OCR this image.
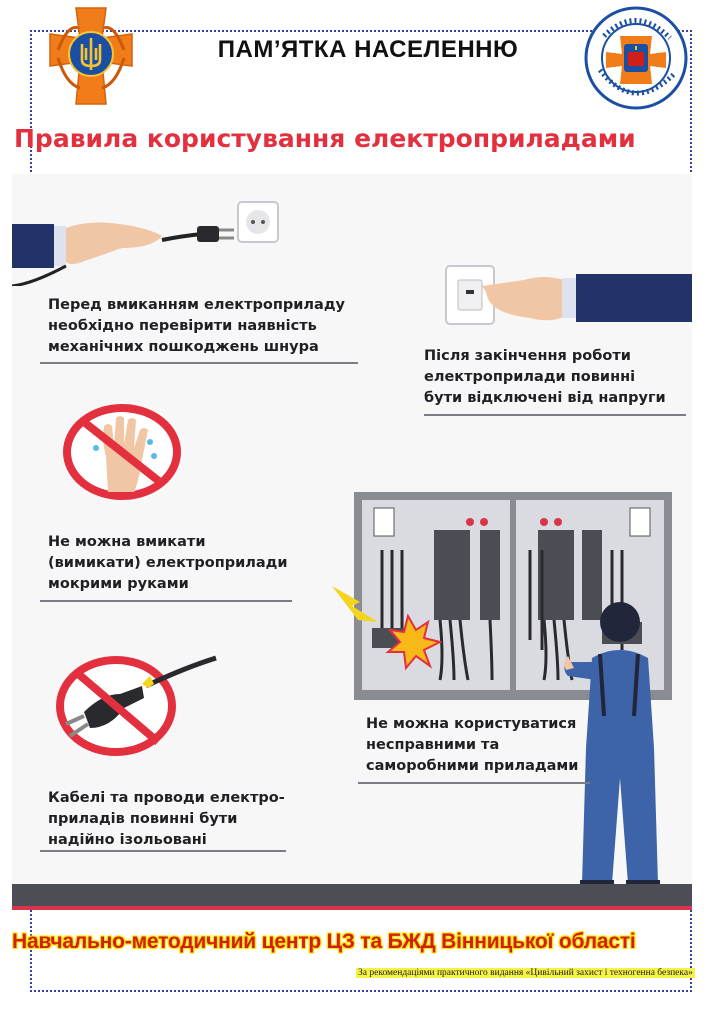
ПАМ’ЯТКА НАСЕЛЕННЮ
Правила користування електроприладами
Перед вмиканням електроприладу
необхідно перевірити наявність
механічних пошкоджень шнура
Після закінчення роботи
електроприлади повинні
бути відключені від напруги
Не можна вмикати
(вимикати) електроприлади
мокрими руками
Не можна користуватися
несправними та
саморобними приладами
Кабелі та проводи електро-
приладів повинні бути
надійно ізольовані
Навчально-методичний центр ЦЗ та БЖД Вінницької області
За рекомендаціями практичного видання «Цивільний захист і техногенна безпека»
